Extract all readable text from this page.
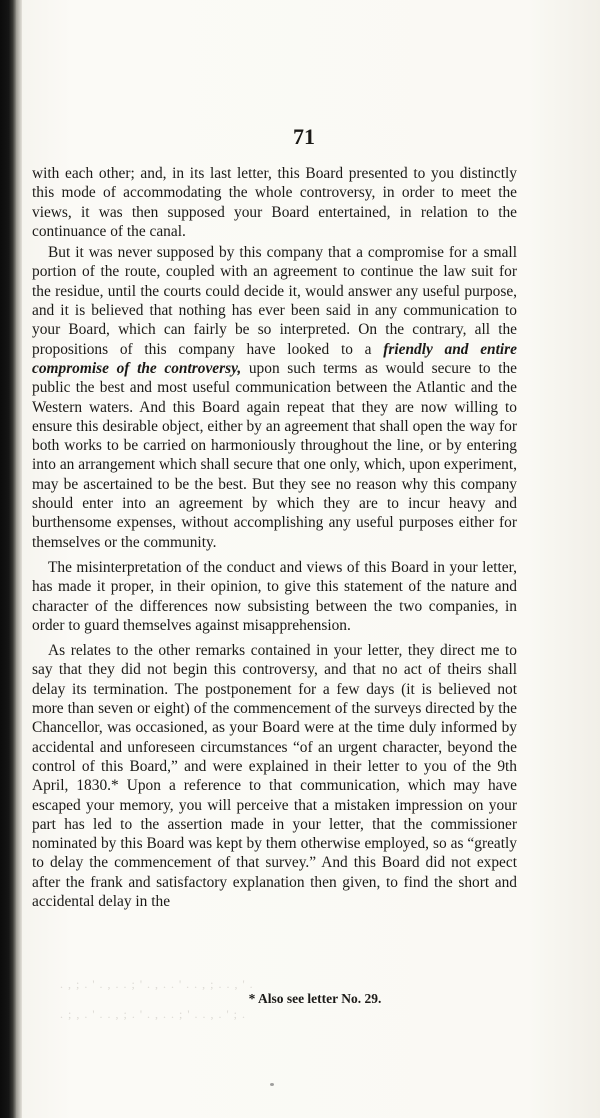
71

with each other; and, in its last letter, this Board presented to you distinctly this mode of accommodating the whole controversy, in order to meet the views, it was then supposed your Board entertained, in relation to the continuance of the canal.

But it was never supposed by this company that a compromise for a small portion of the route, coupled with an agreement to continue the law suit for the residue, until the courts could decide it, would answer any useful purpose, and it is believed that nothing has ever been said in any communication to your Board, which can fairly be so interpreted. On the contrary, all the propositions of this company have looked to a friendly and entire compromise of the controversy, upon such terms as would secure to the public the best and most useful communication between the Atlantic and the Western waters. And this Board again repeat that they are now willing to ensure this desirable object, either by an agreement that shall open the way for both works to be carried on harmoniously throughout the line, or by entering into an arrangement which shall secure that one only, which, upon experiment, may be ascertained to be the best. But they see no reason why this company should enter into an agreement by which they are to incur heavy and burthensome expenses, without accomplishing any useful purposes either for themselves or the community.

The misinterpretation of the conduct and views of this Board in your letter, has made it proper, in their opinion, to give this statement of the nature and character of the differences now subsisting between the two companies, in order to guard themselves against misapprehension.

As relates to the other remarks contained in your letter, they direct me to say that they did not begin this controversy, and that no act of theirs shall delay its termination. The postponement for a few days (it is believed not more than seven or eight) of the commencement of the surveys directed by the Chancellor, was occasioned, as your Board were at the time duly informed by accidental and unforeseen circumstances “of an urgent character, beyond the control of this Board,” and were explained in their letter to you of the 9th April, 1830.* Upon a reference to that communication, which may have escaped your memory, you will perceive that a mistaken impression on your part has led to the assertion made in your letter, that the commissioner nominated by this Board was kept by them otherwise employed, so as “greatly to delay the commencement of that survey.” And this Board did not expect after the frank and satisfactory explanation then given, to find the short and accidental delay in the

. , ; . ' . , . . ; ' . , . . ' . . , ; . . , ' .
. ; , . ' . . , ; . ' . , . . ; ' . . , . ' ; .
* Also see letter No. 29.
